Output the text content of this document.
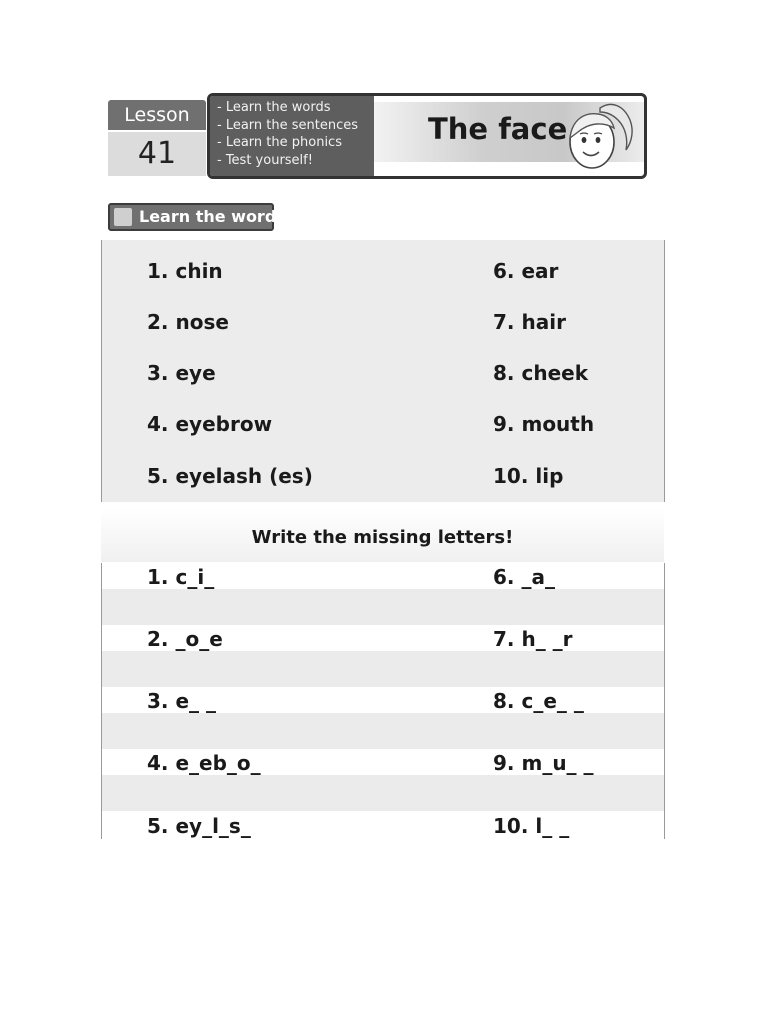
Lesson
41
- Learn the words
- Learn the sentences
- Learn the phonics
- Test yourself!
The face
Learn the words
1. chin
2. nose
3. eye
4. eyebrow
5. eyelash (es)
6. ear
7. hair
8. cheek
9. mouth
10. lip
Write the missing letters!
1. c_i_
2. _o_e
3. e_ _
4. e_eb_o_
5. ey_l_s_
6. _a_
7. h_ _r
8. c_e_ _
9. m_u_ _
10. l_ _
